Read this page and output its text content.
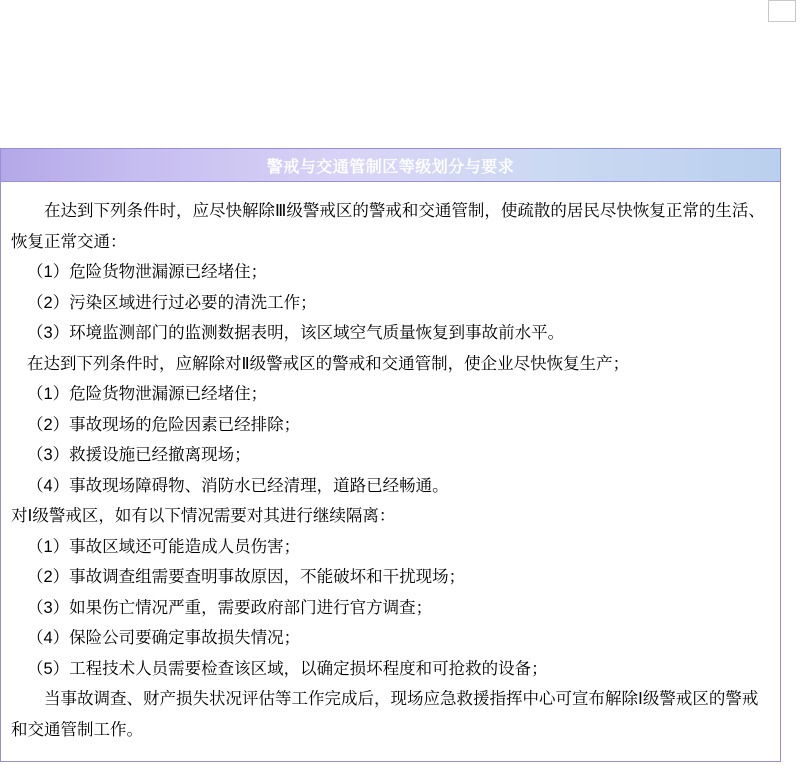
警戒与交通管制区等级划分与要求

在达到下列条件时，应尽快解除Ⅲ级警戒区的警戒和交通管制，使疏散的居民尽快恢复正常的生活、恢复正常交通：

（1）危险货物泄漏源已经堵住；

（2）污染区域进行过必要的清洗工作；

（3）环境监测部门的监测数据表明，该区域空气质量恢复到事故前水平。

在达到下列条件时，应解除对Ⅱ级警戒区的警戒和交通管制，使企业尽快恢复生产；

（1）危险货物泄漏源已经堵住；

（2）事故现场的危险因素已经排除；

（3）救援设施已经撤离现场；

（4）事故现场障碍物、消防水已经清理，道路已经畅通。

对Ⅰ级警戒区，如有以下情况需要对其进行继续隔离：

（1）事故区域还可能造成人员伤害；

（2）事故调查组需要查明事故原因，不能破坏和干扰现场；

（3）如果伤亡情况严重，需要政府部门进行官方调查；

（4）保险公司要确定事故损失情况；

（5）工程技术人员需要检查该区域，以确定损坏程度和可抢救的设备；

当事故调查、财产损失状况评估等工作完成后，现场应急救援指挥中心可宣布解除Ⅰ级警戒区的警戒和交通管制工作。
